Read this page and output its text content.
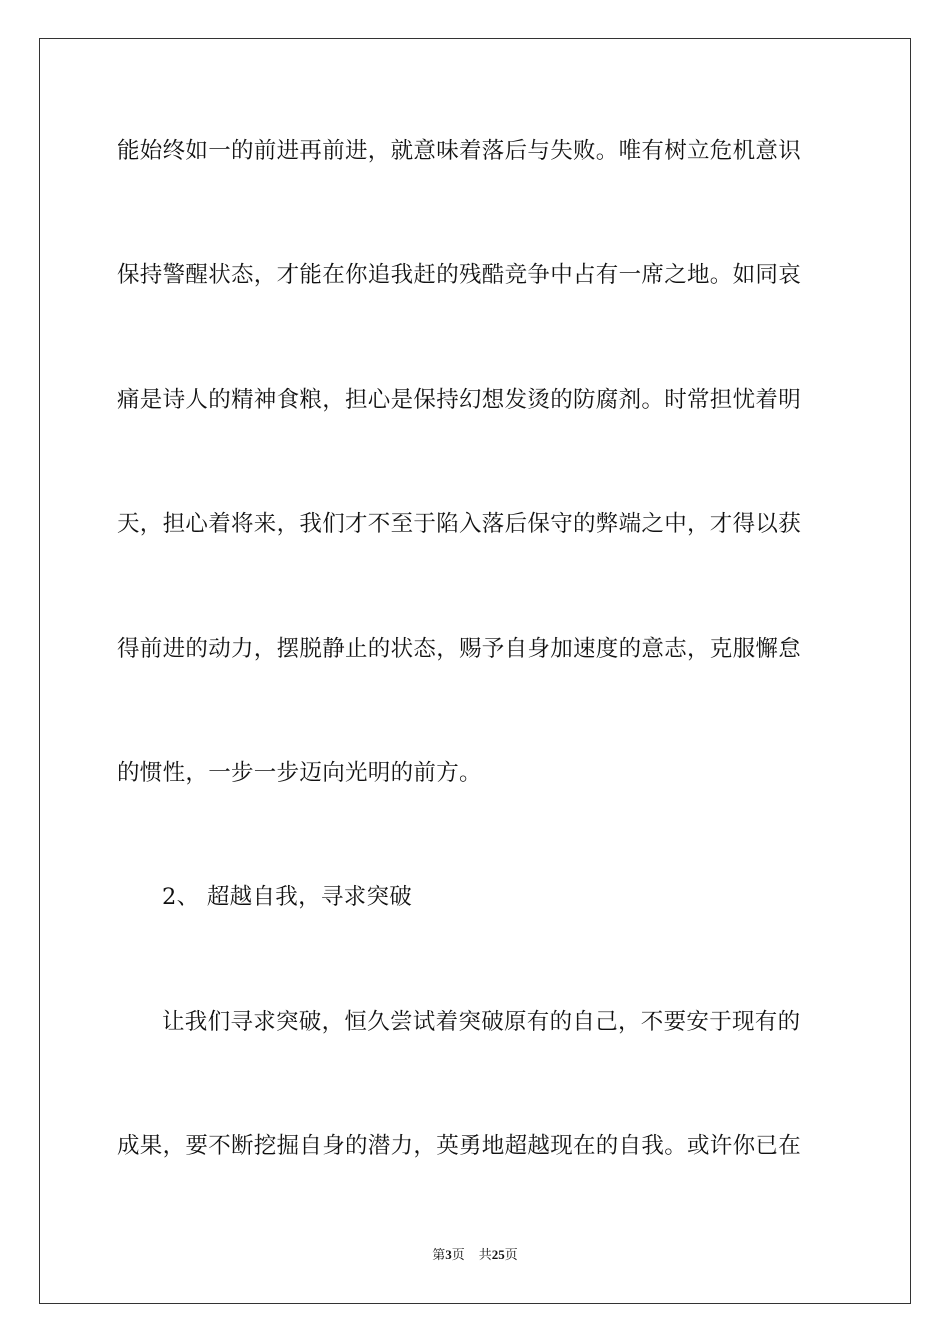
能始终如一的前进再前进，就意味着落后与失败。唯有树立危机意识
保持警醒状态，才能在你追我赶的残酷竞争中占有一席之地。如同哀
痛是诗人的精神食粮，担心是保持幻想发烫的防腐剂。时常担忧着明
天，担心着将来，我们才不至于陷入落后保守的弊端之中，才得以获
得前进的动力，摆脱静止的状态，赐予自身加速度的意志，克服懈怠
的惯性，一步一步迈向光明的前方。
2、 超越自我，寻求突破
让我们寻求突破，恒久尝试着突破原有的自己，不要安于现有的
成果，要不断挖掘自身的潜力，英勇地超越现在的自我。或许你已在
第3页 共25页
